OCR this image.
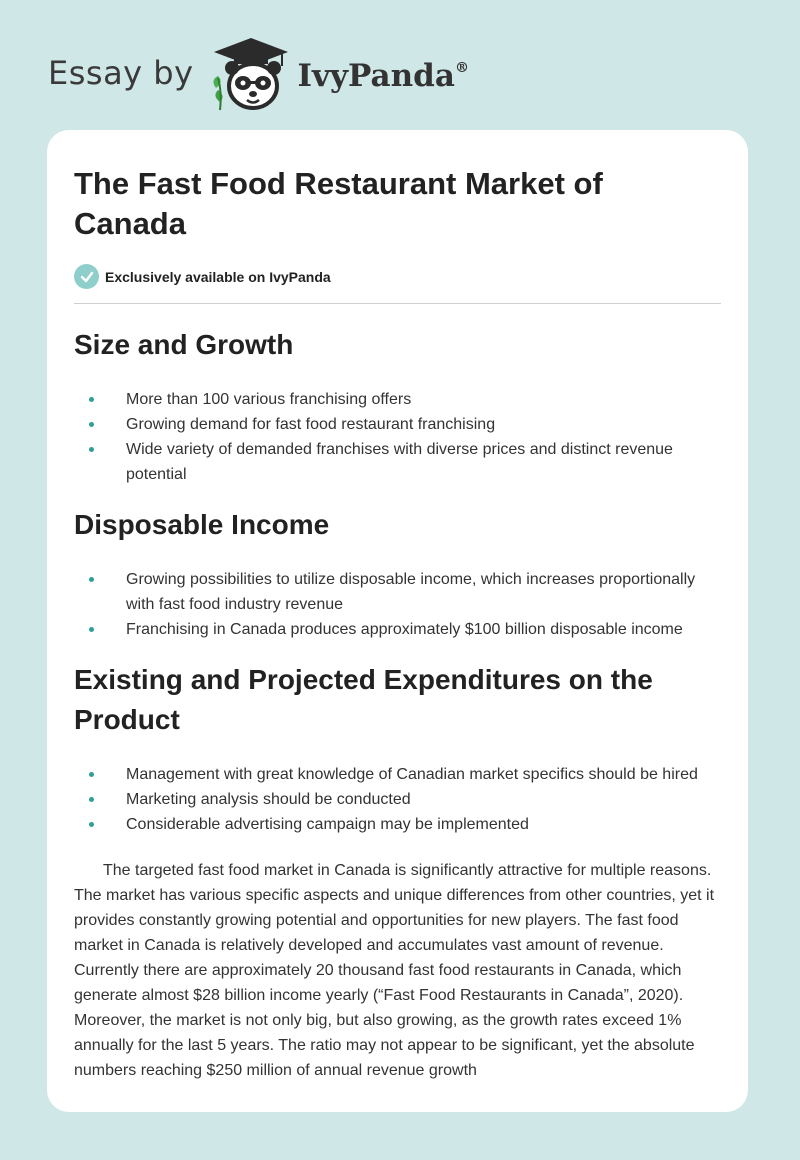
Essay by	IvyPanda®
The Fast Food Restaurant Market of Canada
Exclusively available on IvyPanda
Size and Growth
More than 100 various franchising offers
Growing demand for fast food restaurant franchising
Wide variety of demanded franchises with diverse prices and distinct revenue potential
Disposable Income
Growing possibilities to utilize disposable income, which increases proportionally with fast food industry revenue
Franchising in Canada produces approximately $100 billion disposable income
Existing and Projected Expenditures on the Product
Management with great knowledge of Canadian market specifics should be hired
Marketing analysis should be conducted
Considerable advertising campaign may be implemented

The targeted fast food market in Canada is significantly attractive for multiple reasons. The market has various specific aspects and unique differences from other countries, yet it provides constantly growing potential and opportunities for new players. The fast food market in Canada is relatively developed and accumulates vast amount of revenue. Currently there are approximately 20 thousand fast food restaurants in Canada, which generate almost $28 billion income yearly (“Fast Food Restaurants in Canada”, 2020). Moreover, the market is not only big, but also growing, as the growth rates exceed 1% annually for the last 5 years. The ratio may not appear to be significant, yet the absolute numbers reaching $250 million of annual revenue growth
